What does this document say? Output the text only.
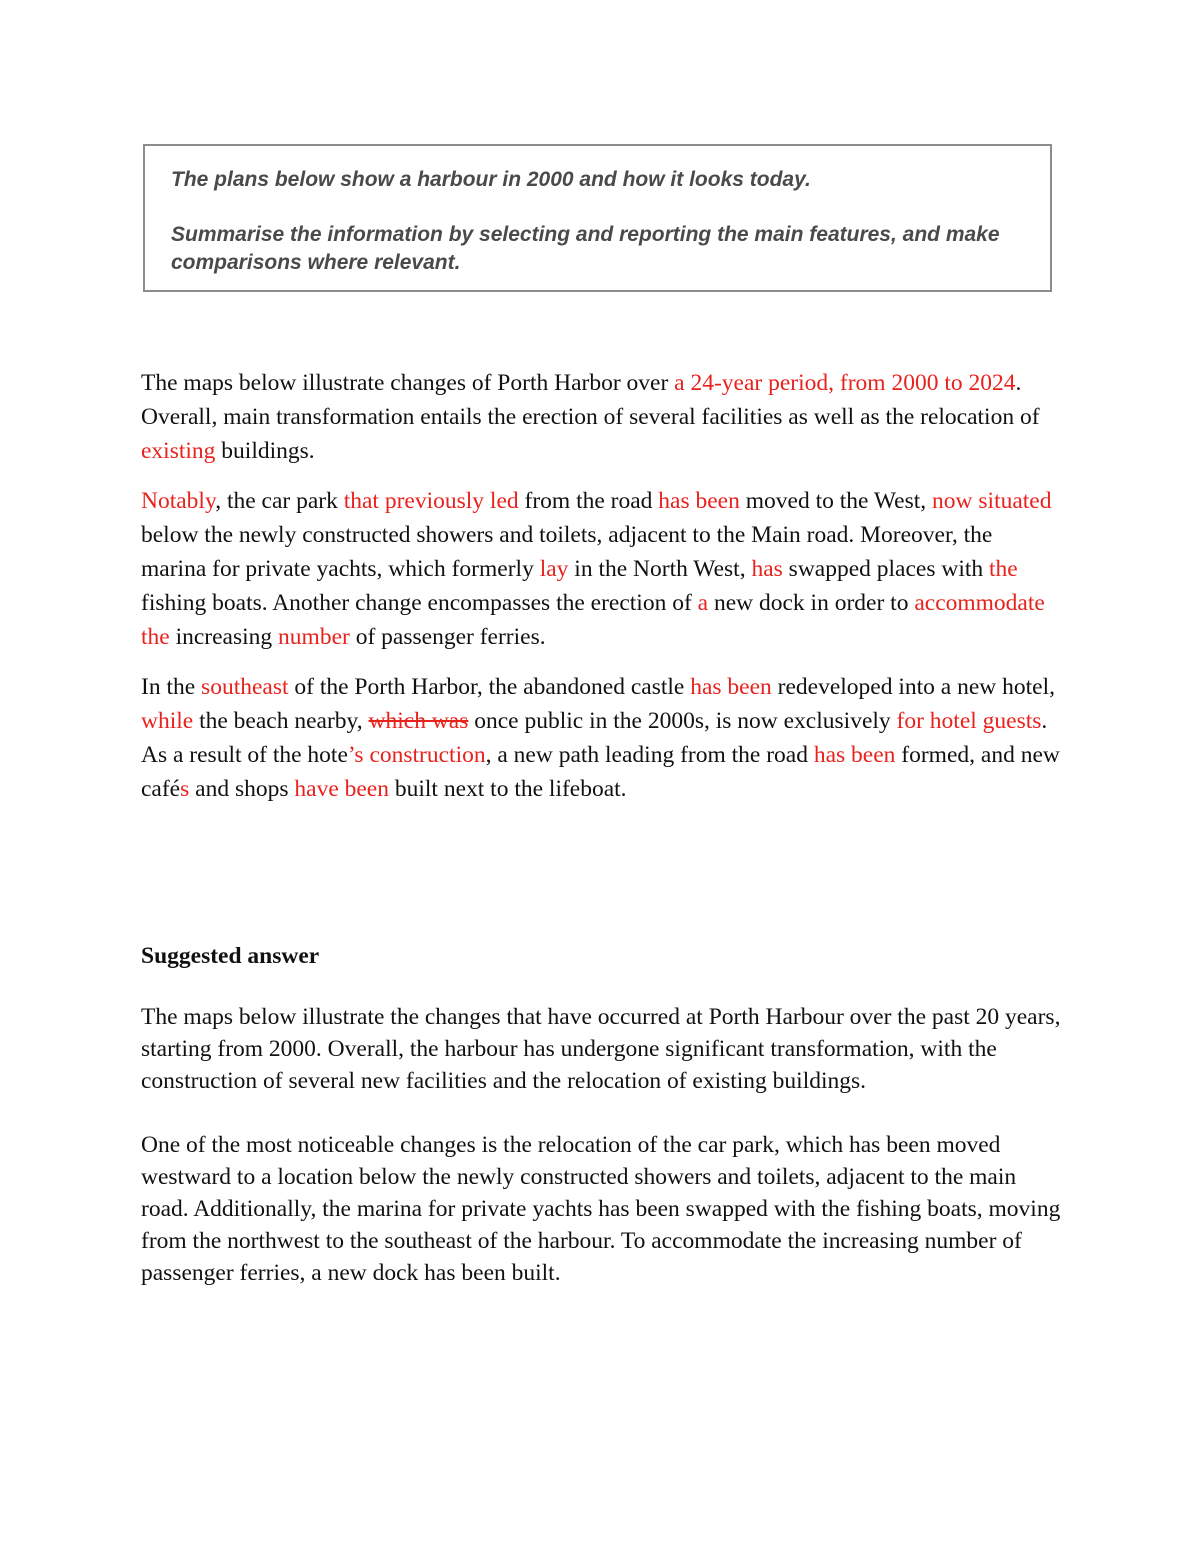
The plans below show a harbour in 2000 and how it looks today.

Summarise the information by selecting and reporting the main features, and make comparisons where relevant.

The maps below illustrate changes of Porth Harbor over a 24-year period, from 2000 to 2024. Overall, main transformation entails the erection of several facilities as well as the relocation of existing buildings.

Notably, the car park that previously led from the road has been moved to the West, now situated below the newly constructed showers and toilets, adjacent to the Main road. Moreover, the marina for private yachts, which formerly lay in the North West, has swapped places with the fishing boats. Another change encompasses the erection of a new dock in order to accommodate the increasing number of passenger ferries.

In the southeast of the Porth Harbor, the abandoned castle has been redeveloped into a new hotel, while the beach nearby, which was once public in the 2000s, is now exclusively for hotel guests. As a result of the hote’s construction, a new path leading from the road has been formed, and new cafés and shops have been built next to the lifeboat.

Suggested answer

The maps below illustrate the changes that have occurred at Porth Harbour over the past 20 years, starting from 2000. Overall, the harbour has undergone significant transformation, with the construction of several new facilities and the relocation of existing buildings.

One of the most noticeable changes is the relocation of the car park, which has been moved westward to a location below the newly constructed showers and toilets, adjacent to the main road. Additionally, the marina for private yachts has been swapped with the fishing boats, moving from the northwest to the southeast of the harbour. To accommodate the increasing number of passenger ferries, a new dock has been built.
